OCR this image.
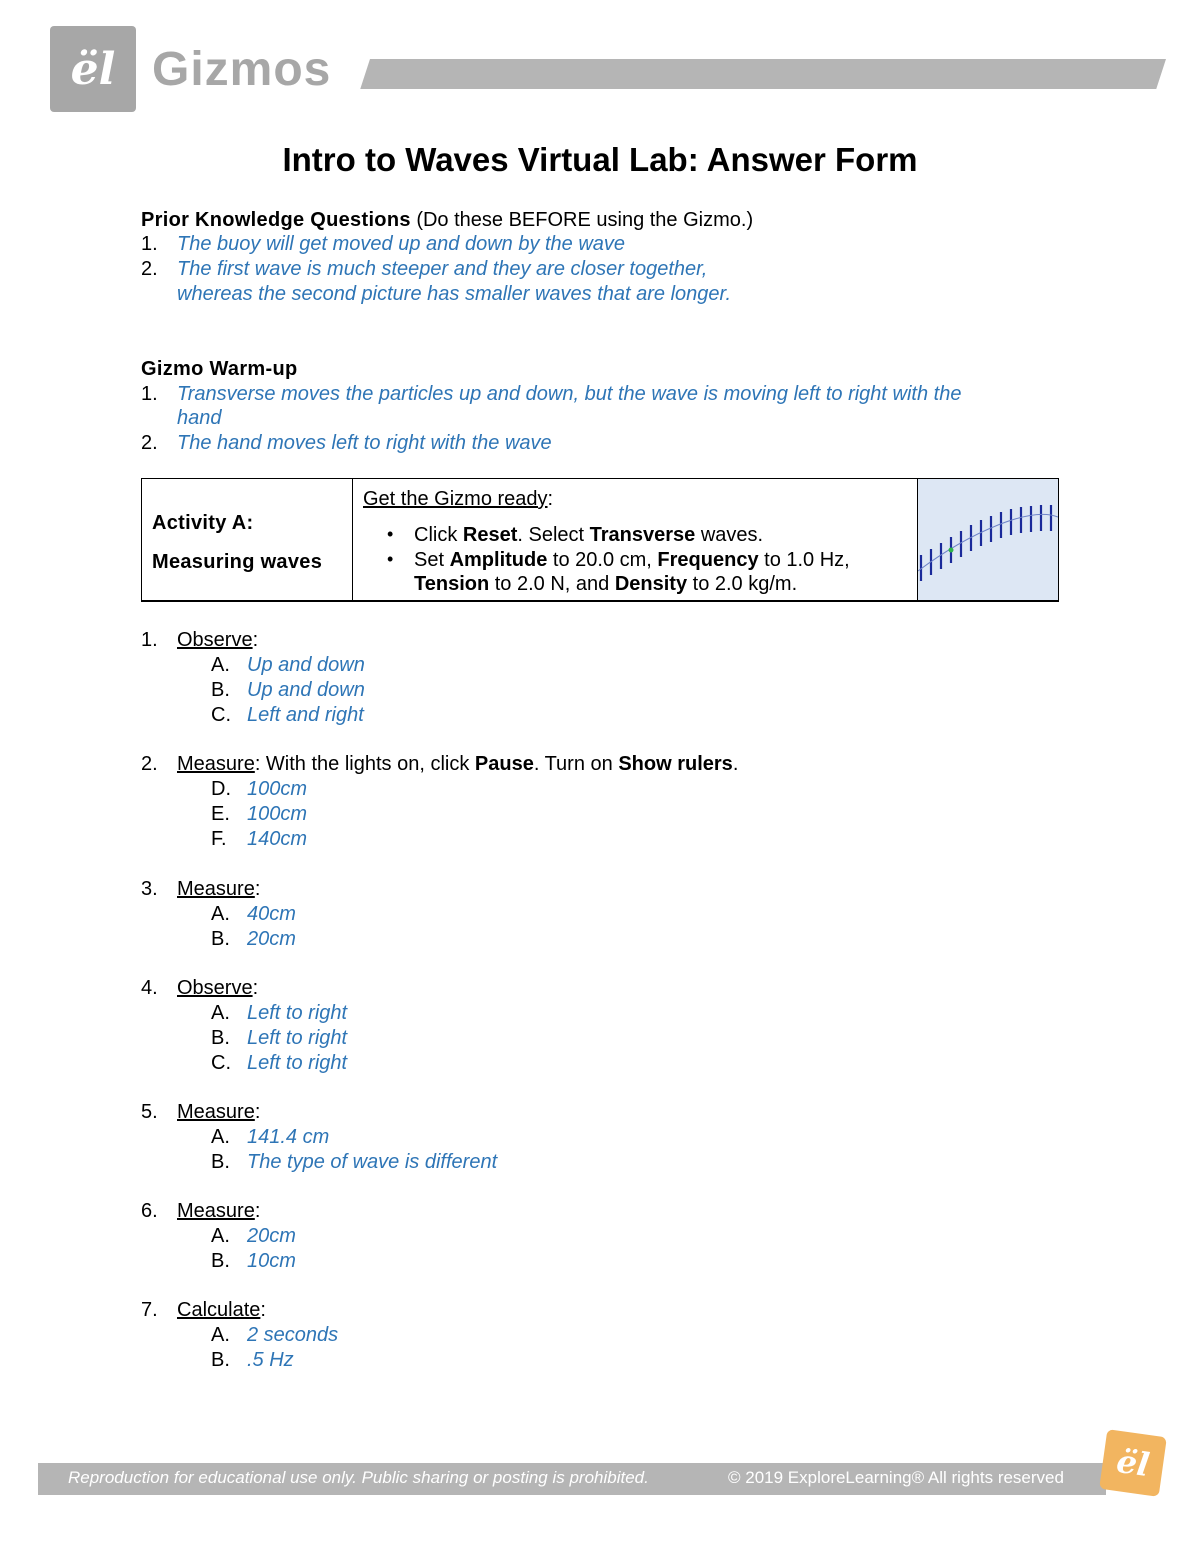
ël Gizmos
Intro to Waves Virtual Lab: Answer Form
Prior Knowledge Questions (Do these BEFORE using the Gizmo.)
1. The buoy will get moved up and down by the wave
2. The first wave is much steeper and they are closer together,
whereas the second picture has smaller waves that are longer.
Gizmo Warm-up
1. Transverse moves the particles up and down, but the wave is moving left to right with the
hand
2. The hand moves left to right with the wave
Activity A:
Measuring waves
Get the Gizmo ready:
• Click Reset. Select Transverse waves.
• Set Amplitude to 20.0 cm, Frequency to 1.0 Hz,
Tension to 2.0 N, and Density to 2.0 kg/m.
1. Observe:
A. Up and down
B. Up and down
C. Left and right
2. Measure: With the lights on, click Pause. Turn on Show rulers.
D. 100cm
E. 100cm
F. 140cm
3. Measure:
A. 40cm
B. 20cm
4. Observe:
A. Left to right
B. Left to right
C. Left to right
5. Measure:
A. 141.4 cm
B. The type of wave is different
6. Measure:
A. 20cm
B. 10cm
7. Calculate:
A. 2 seconds
B. .5 Hz
Reproduction for educational use only. Public sharing or posting is prohibited.	© 2019 ExploreLearning® All rights reserved	ël
